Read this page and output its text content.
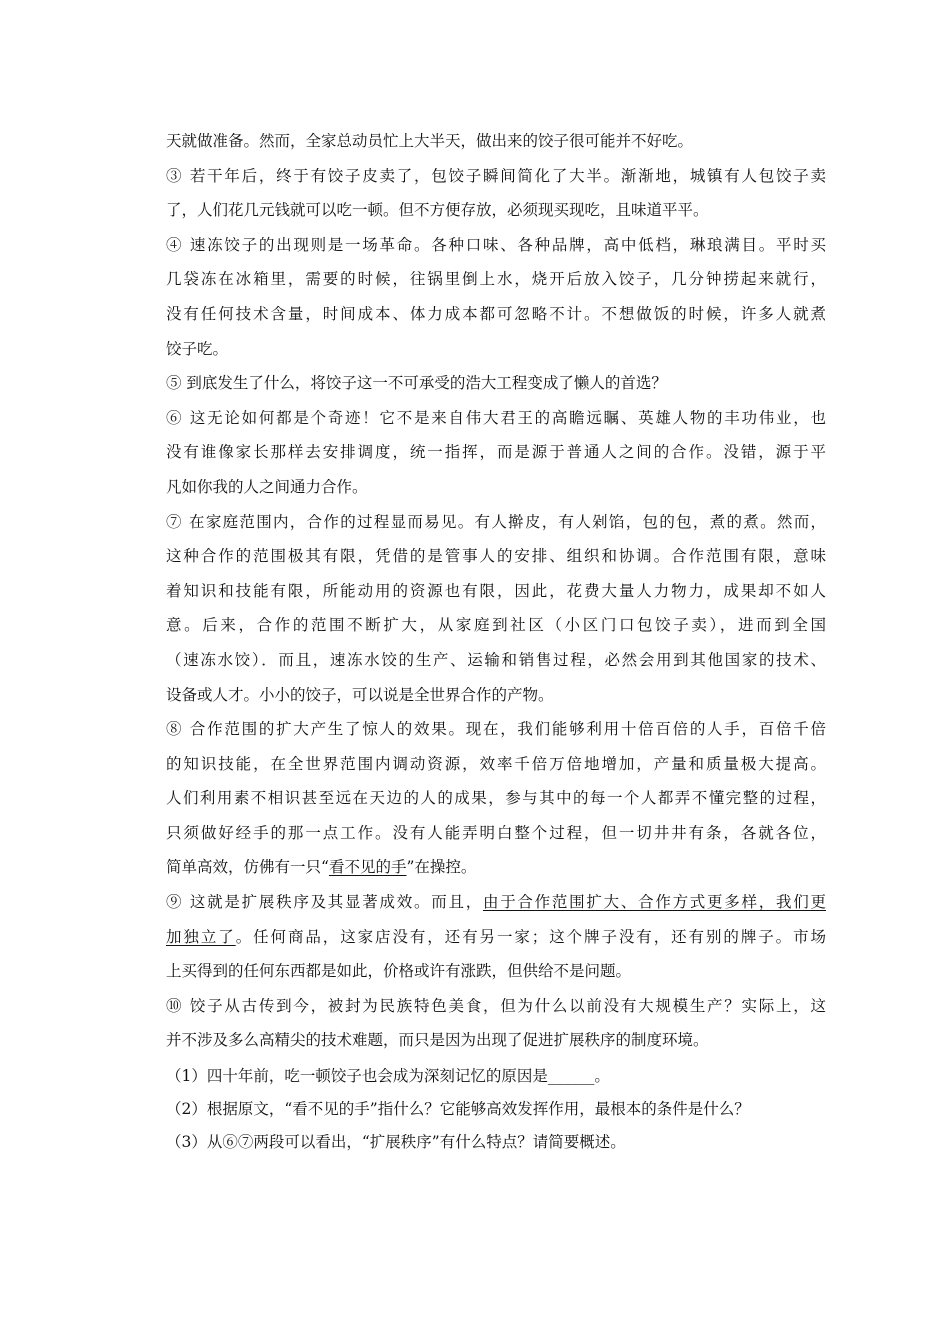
天就做准备。然而，全家总动员忙上大半天，做出来的饺子很可能并不好吃。
③ 若干年后，终于有饺子皮卖了，包饺子瞬间简化了大半。渐渐地，城镇有人包饺子卖
了，人们花几元钱就可以吃一顿。但不方便存放，必须现买现吃，且味道平平。
④ 速冻饺子的出现则是一场革命。各种口味、各种品牌，高中低档，琳琅满目。平时买
几袋冻在冰箱里，需要的时候，往锅里倒上水，烧开后放入饺子，几分钟捞起来就行，
没有任何技术含量，时间成本、体力成本都可忽略不计。不想做饭的时候，许多人就煮
饺子吃。
⑤ 到底发生了什么，将饺子这一不可承受的浩大工程变成了懒人的首选？
⑥ 这无论如何都是个奇迹！它不是来自伟大君王的高瞻远瞩、英雄人物的丰功伟业，也
没有谁像家长那样去安排调度，统一指挥，而是源于普通人之间的合作。没错，源于平
凡如你我的人之间通力合作。
⑦ 在家庭范围内，合作的过程显而易见。有人擀皮，有人剁馅，包的包，煮的煮。然而，
这种合作的范围极其有限，凭借的是管事人的安排、组织和协调。合作范围有限，意味
着知识和技能有限，所能动用的资源也有限，因此，花费大量人力物力，成果却不如人
意。后来，合作的范围不断扩大，从家庭到社区（小区门口包饺子卖），进而到全国
（速冻水饺）．而且，速冻水饺的生产、运输和销售过程，必然会用到其他国家的技术、
设备或人才。小小的饺子，可以说是全世界合作的产物。
⑧ 合作范围的扩大产生了惊人的效果。现在，我们能够利用十倍百倍的人手，百倍千倍
的知识技能，在全世界范围内调动资源，效率千倍万倍地增加，产量和质量极大提高。
人们利用素不相识甚至远在天边的人的成果，参与其中的每一个人都弄不懂完整的过程，
只须做好经手的那一点工作。没有人能弄明白整个过程，但一切井井有条，各就各位，
简单高效，仿佛有一只“看不见的手”在操控。
⑨ 这就是扩展秩序及其显著成效。而且，由于合作范围扩大、合作方式更多样，我们更
加独立了。任何商品，这家店没有，还有另一家；这个牌子没有，还有别的牌子。市场
上买得到的任何东西都是如此，价格或许有涨跌，但供给不是问题。
⑩ 饺子从古传到今，被封为民族特色美食，但为什么以前没有大规模生产？实际上，这
并不涉及多么高精尖的技术难题，而只是因为出现了促进扩展秩序的制度环境。
（1）四十年前，吃一顿饺子也会成为深刻记忆的原因是______。
（2）根据原文，“看不见的手”指什么？它能够高效发挥作用，最根本的条件是什么？
（3）从⑥⑦两段可以看出，“扩展秩序”有什么特点？请简要概述。
